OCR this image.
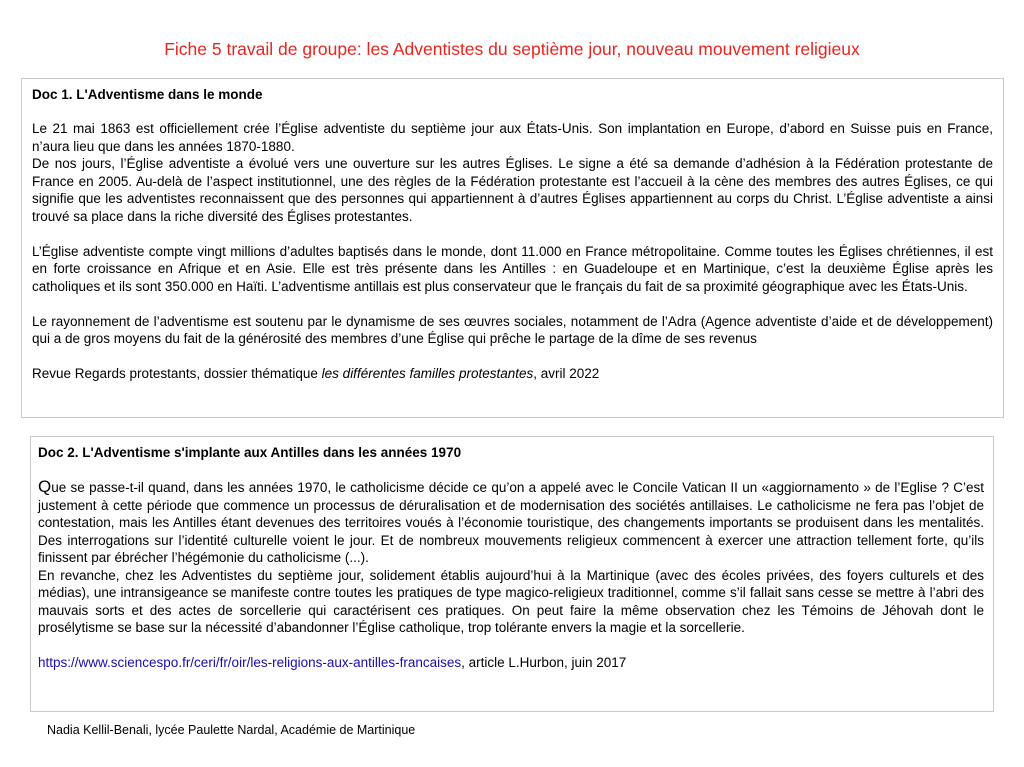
Fiche 5 travail de groupe: les Adventistes du septième jour, nouveau mouvement religieux
Doc 1. L'Adventisme dans le monde

Le 21 mai 1863 est officiellement crée l’Église adventiste du septième jour aux États-Unis. Son implantation en Europe, d’abord en Suisse puis en France, n’aura lieu que dans les années 1870-1880.

De nos jours, l’Église adventiste a évolué vers une ouverture sur les autres Églises. Le signe a été sa demande d’adhésion à la Fédération protestante de France en 2005. Au-delà de l’aspect institutionnel, une des règles de la Fédération protestante est l’accueil à la cène des membres des autres Églises, ce qui signifie que les adventistes reconnaissent que des personnes qui appartiennent à d’autres Églises appartiennent au corps du Christ. L’Église adventiste a ainsi trouvé sa place dans la riche diversité des Églises protestantes.

L’Église adventiste compte vingt millions d’adultes baptisés dans le monde, dont 11.000 en France métropolitaine. Comme toutes les Églises chrétiennes, il est en forte croissance en Afrique et en Asie. Elle est très présente dans les Antilles : en Guadeloupe et en Martinique, c’est la deuxième Église après les catholiques et ils sont 350.000 en Haïti. L’adventisme antillais est plus conservateur que le français du fait de sa proximité géographique avec les États-Unis.

Le rayonnement de l’adventisme est soutenu par le dynamisme de ses œuvres sociales, notamment de l’Adra (Agence adventiste d’aide et de développement) qui a de gros moyens du fait de la générosité des membres d’une Église qui prêche le partage de la dîme de ses revenus

Revue Regards protestants, dossier thématique les différentes familles protestantes, avril 2022

Doc 2. L'Adventisme s'implante aux Antilles dans les années 1970

Que se passe-t-il quand, dans les années 1970, le catholicisme décide ce qu’on a appelé avec le Concile Vatican II un «aggiornamento » de l’Eglise ? C’est justement à cette période que commence un processus de déruralisation et de modernisation des sociétés antillaises. Le catholicisme ne fera pas l’objet de contestation, mais les Antilles étant devenues des territoires voués à l’économie touristique, des changements importants se produisent dans les mentalités. Des interrogations sur l’identité culturelle voient le jour. Et de nombreux mouvements religieux commencent à exercer une attraction tellement forte, qu’ils finissent par ébrécher l’hégémonie du catholicisme (...).

En revanche, chez les Adventistes du septième jour, solidement établis aujourd’hui à la Martinique (avec des écoles privées, des foyers culturels et des médias), une intransigeance se manifeste contre toutes les pratiques de type magico-religieux traditionnel, comme s’il fallait sans cesse se mettre à l’abri des mauvais sorts et des actes de sorcellerie qui caractérisent ces pratiques. On peut faire la même observation chez les Témoins de Jéhovah dont le prosélytisme se base sur la nécessité d’abandonner l’Église catholique, trop tolérante envers la magie et la sorcellerie.

https://www.sciencespo.fr/ceri/fr/oir/les-religions-aux-antilles-francaises, article L.Hurbon, juin 2017

Nadia Kellil-Benali, lycée Paulette Nardal, Académie de Martinique
